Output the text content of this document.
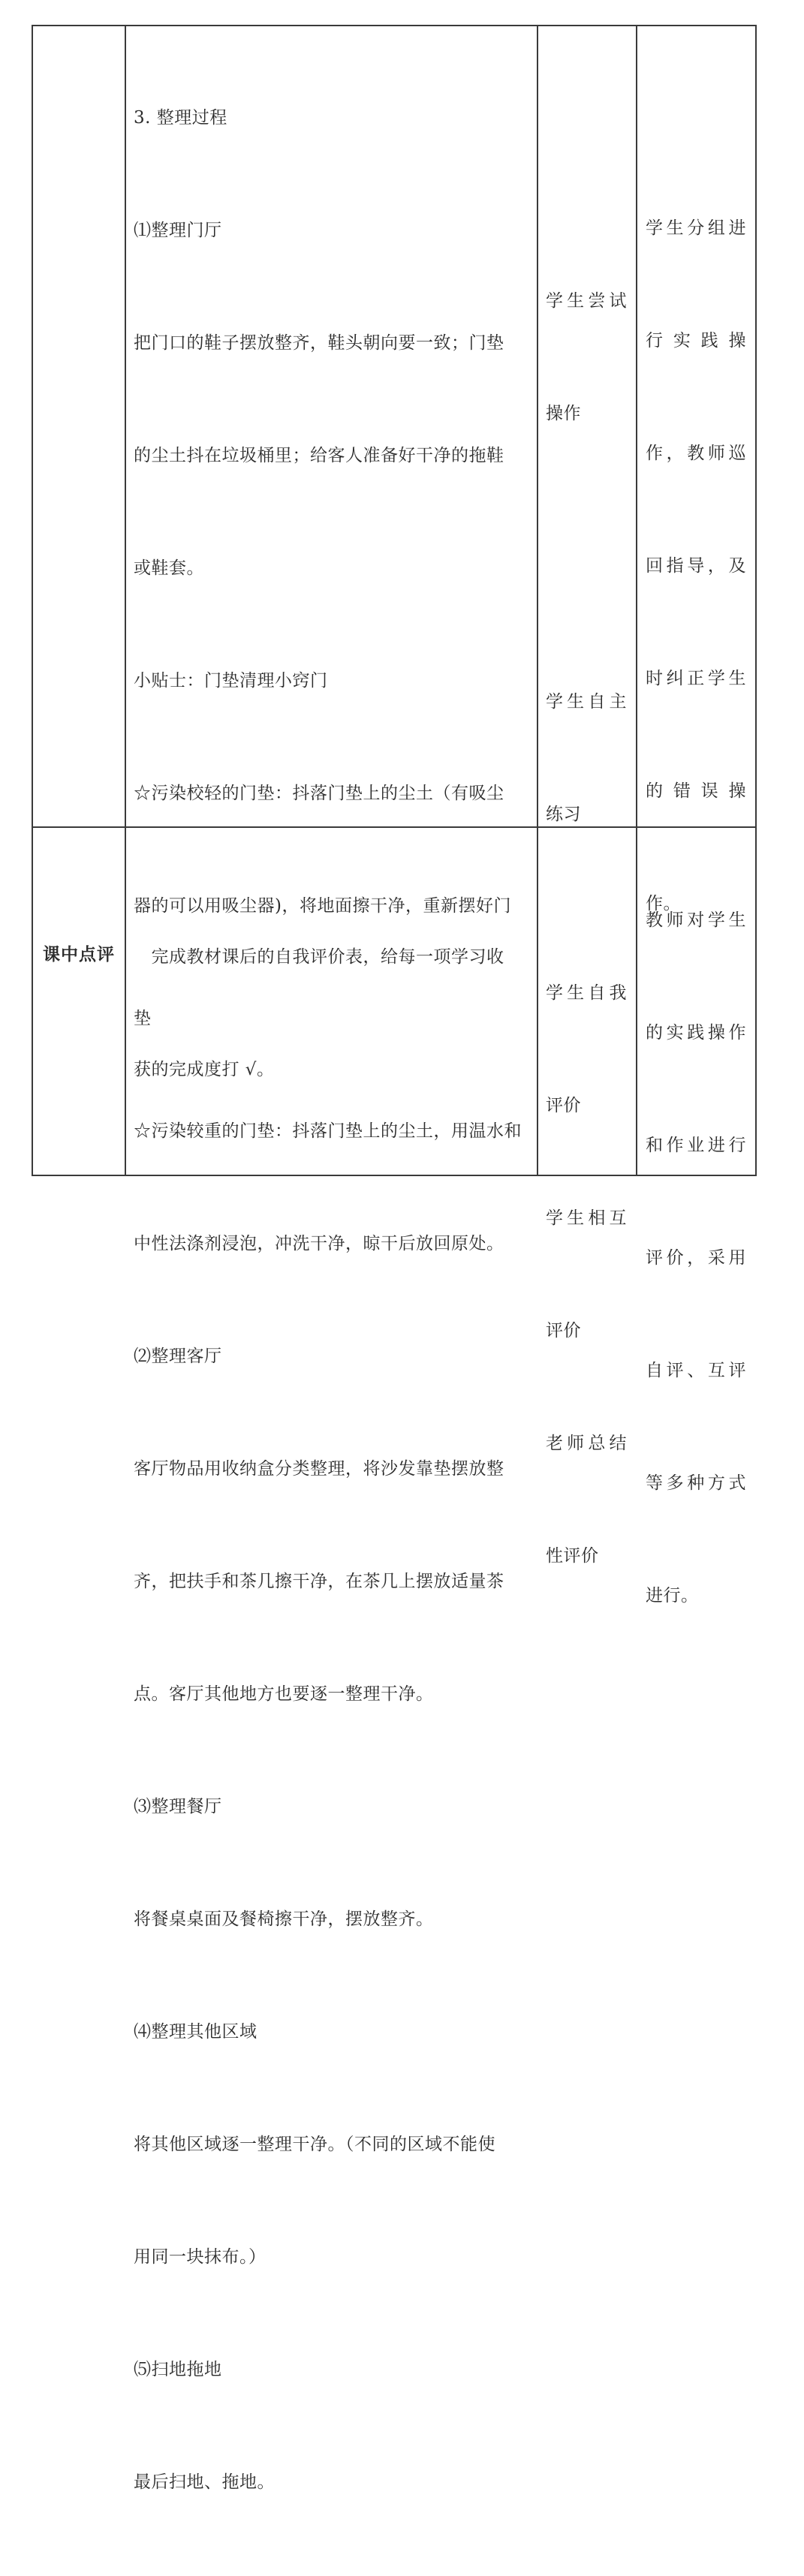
3. 整理过程

⑴整理门厅

把门口的鞋子摆放整齐，鞋头朝向要一致；门垫

的尘土抖在垃圾桶里；给客人准备好干净的拖鞋

或鞋套。

小贴士：门垫清理小窍门

☆污染校轻的门垫：抖落门垫上的尘土（有吸尘

器的可以用吸尘器)，将地面擦干净，重新摆好门

垫

☆污染较重的门垫：抖落门垫上的尘土，用温水和

中性法涤剂浸泡，冲洗干净，晾干后放回原处。

⑵整理客厅

客厅物品用收纳盒分类整理，将沙发靠垫摆放整

齐，把扶手和茶几擦干净，在茶几上摆放适量茶

点。客厅其他地方也要逐一整理干净。

⑶整理餐厅

将餐桌桌面及餐椅擦干净，摆放整齐。

⑷整理其他区域

将其他区域逐一整理干净。（不同的区域不能使

用同一块抹布。）

⑸扫地拖地

最后扫地、拖地。

学生尝试

操作

学生自主

练习

学生分组进

行实践操

作，教师巡

回指导，及

时纠正学生

的错误操

作。

课中点评

	　完成教材课后的自我评价表，给每一项学习收

获的完成度打 √。

学生自我

评价

学生相互

评价

老师总结

性评价

教师对学生

的实践操作

和作业进行

评价，采用

自评、互评

等多种方式

进行。
